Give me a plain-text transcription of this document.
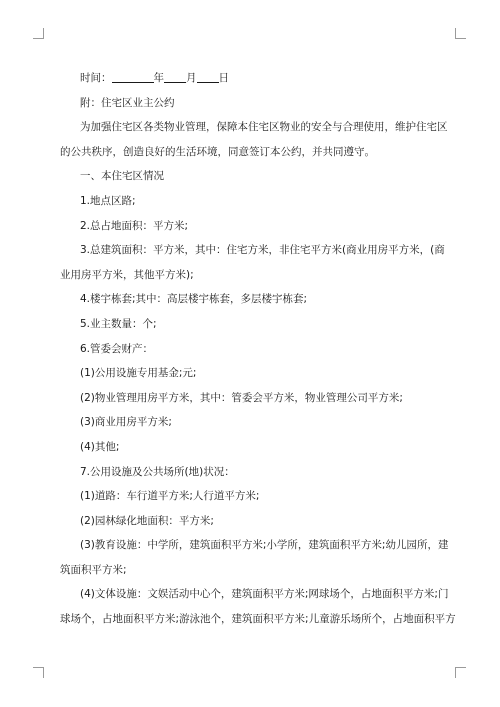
时间：	年 月 日
附：住宅区业主公约
为加强住宅区各类物业管理，保障本住宅区物业的安全与合理使用，维护住宅区
的公共秩序，创造良好的生活环境，同意签订本公约，并共同遵守。
一、本住宅区情况
1.地点区路;
2.总占地面积：平方米;
3.总建筑面积：平方米，其中：住宅方米，非住宅平方米(商业用房平方米，(商
业用房平方米，其他平方米);
4.楼宇栋套;其中：高层楼宇栋套，多层楼宇栋套;
5.业主数量：个;
6.管委会财产：
(1)公用设施专用基金;元;
(2)物业管理用房平方米，其中：管委会平方米，物业管理公司平方米;
(3)商业用房平方米;
(4)其他;
7.公用设施及公共场所(地)状况：
(1)道路：车行道平方米;人行道平方米;
(2)园林绿化地面积：平方米;
(3)教育设施：中学所，建筑面积平方米;小学所，建筑面积平方米;幼儿园所，建
筑面积平方米;
(4)文体设施：文娱活动中心个，建筑面积平方米;网球场个，占地面积平方米;门
球场个，占地面积平方米;游泳池个，建筑面积平方米;儿童游乐场所个，占地面积平方
